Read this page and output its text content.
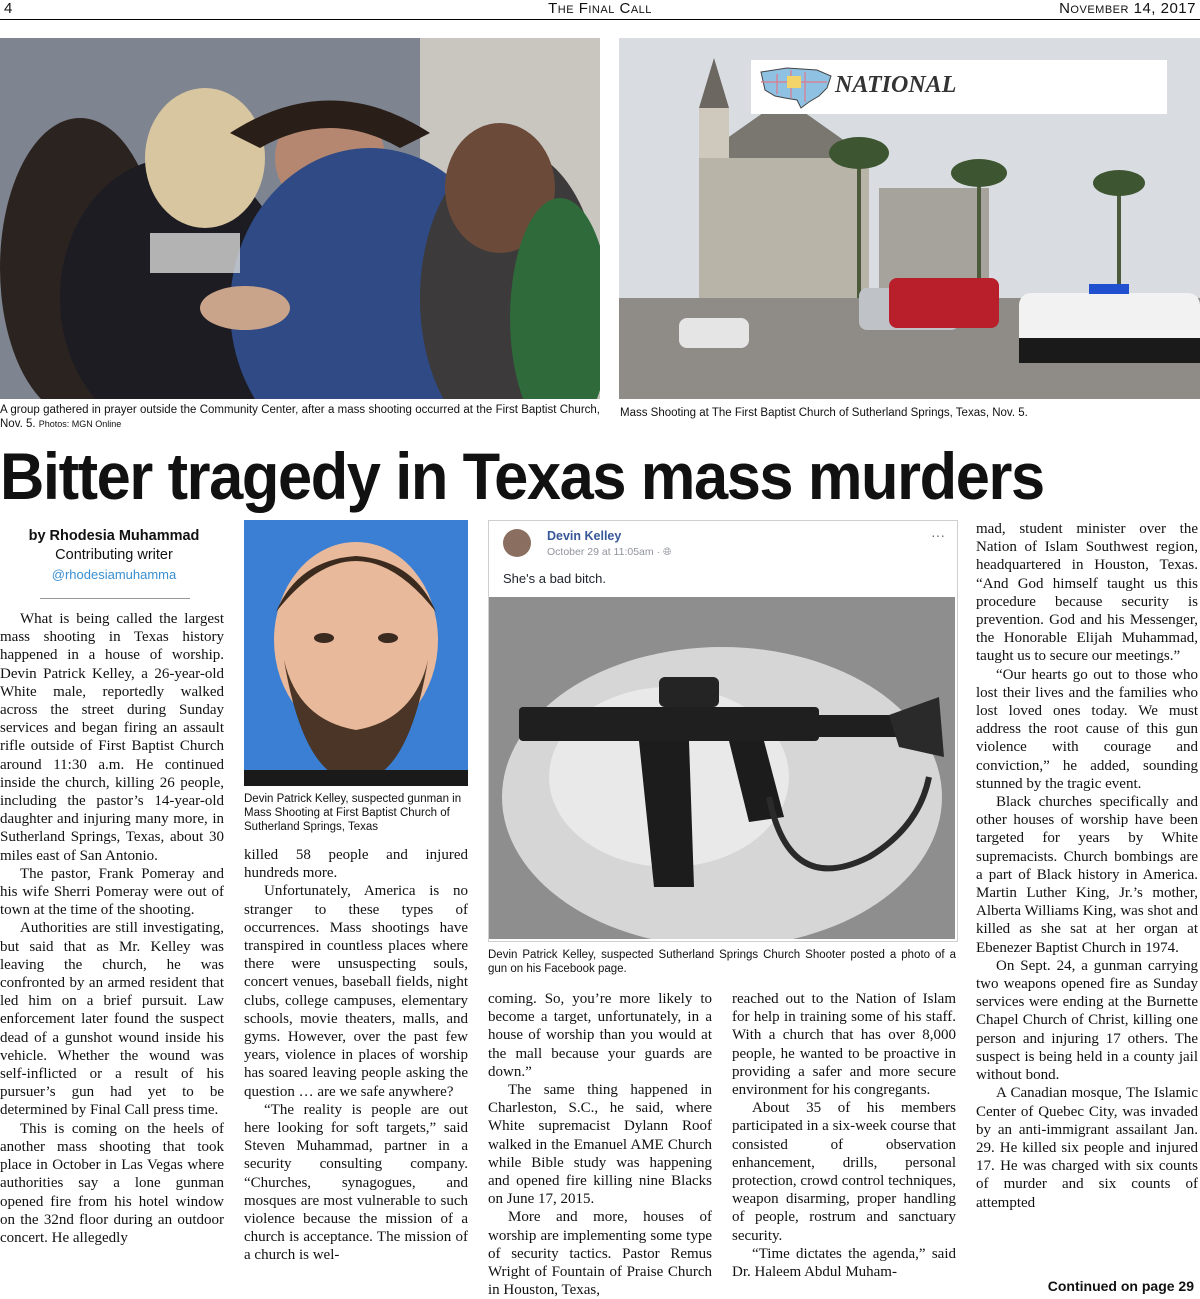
4	The Final Call	November 14, 2017
A group gathered in prayer outside the Community Center, after a mass shooting occurred at the First Baptist Church, Nov. 5. Photos: MGN Online
NATIONAL
Mass Shooting at The First Baptist Church of Sutherland Springs, Texas, Nov. 5.
Bitter tragedy in Texas mass murders
by Rhodesia Muhammad
Contributing writer
@rhodesiamuhamma

What is being called the largest mass shooting in Texas history happened in a house of worship. Devin Patrick Kelley, a 26-year-old White male, reportedly walked across the street during Sunday services and began firing an assault rifle outside of First Baptist Church around 11:30 a.m. He continued inside the church, killing 26 people, including the pastor’s 14-year-old daughter and injuring many more, in Sutherland Springs, Texas, about 30 miles east of San Antonio.

The pastor, Frank Pomeray and his wife Sherri Pomeray were out of town at the time of the shooting.

Authorities are still investigating, but said that as Mr. Kelley was leaving the church, he was confronted by an armed resident that led him on a brief pursuit. Law enforcement later found the suspect dead of a gunshot wound inside his vehicle. Whether the wound was self-inflicted or a result of his pursuer’s gun had yet to be determined by Final Call press time.

This is coming on the heels of another mass shooting that took place in October in Las Vegas where authorities say a lone gunman opened fire from his hotel window on the 32nd floor during an outdoor concert. He allegedly

Devin Patrick Kelley, suspected gunman in Mass Shooting at First Baptist Church of Sutherland Springs, Texas

killed 58 people and injured hundreds more.

Unfortunately, America is no stranger to these types of occurrences. Mass shootings have transpired in countless places where there were unsuspecting souls, concert venues, baseball fields, night clubs, college campuses, elementary schools, movie theaters, malls, and gyms. However, over the past few years, violence in places of worship has soared leaving people asking the question … are we safe anywhere?

“The reality is people are out here looking for soft targets,” said Steven Muhammad, partner in a security consulting company. “Churches, synagogues, and mosques are most vulnerable to such violence because the mission of a church is acceptance. The mission of a church is wel-

Devin Kelley
October 29 at 11:05am · 🌐︎
···
She's a bad bitch.
Devin Patrick Kelley, suspected Sutherland Springs Church Shooter posted a photo of a gun on his Facebook page.

coming. So, you’re more likely to become a target, unfortunately, in a house of worship than you would at the mall because your guards are down.”

The same thing happened in Charleston, S.C., he said, where White supremacist Dylann Roof walked in the Emanuel AME Church while Bible study was happening and opened fire killing nine Blacks on June 17, 2015.

More and more, houses of worship are implementing some type of security tactics. Pastor Remus Wright of Fountain of Praise Church in Houston, Texas,

reached out to the Nation of Islam for help in training some of his staff. With a church that has over 8,000 people, he wanted to be proactive in providing a safer and more secure environment for his congregants.

About 35 of his members participated in a six-week course that consisted of observation enhancement, drills, personal protection, crowd control techniques, weapon disarming, proper handling of people, rostrum and sanctuary security.

“Time dictates the agenda,” said Dr. Haleem Abdul Muham-

mad, student minister over the Nation of Islam Southwest region, headquartered in Houston, Texas. “And God himself taught us this procedure because security is prevention. God and his Messenger, the Honorable Elijah Muhammad, taught us to secure our meetings.”

“Our hearts go out to those who lost their lives and the families who lost loved ones today. We must address the root cause of this gun violence with courage and conviction,” he added, sounding stunned by the tragic event.

Black churches specifically and other houses of worship have been targeted for years by White supremacists. Church bombings are a part of Black history in America. Martin Luther King, Jr.’s mother, Alberta Williams King, was shot and killed as she sat at her organ at Ebenezer Baptist Church in 1974.

On Sept. 24, a gunman carrying two weapons opened fire as Sunday services were ending at the Burnette Chapel Church of Christ, killing one person and injuring 17 others. The suspect is being held in a county jail without bond.

A Canadian mosque, The Islamic Center of Quebec City, was invaded by an anti-immigrant assailant Jan. 29. He killed six people and injured 17. He was charged with six counts of murder and six counts of attempted

Continued on page 29
